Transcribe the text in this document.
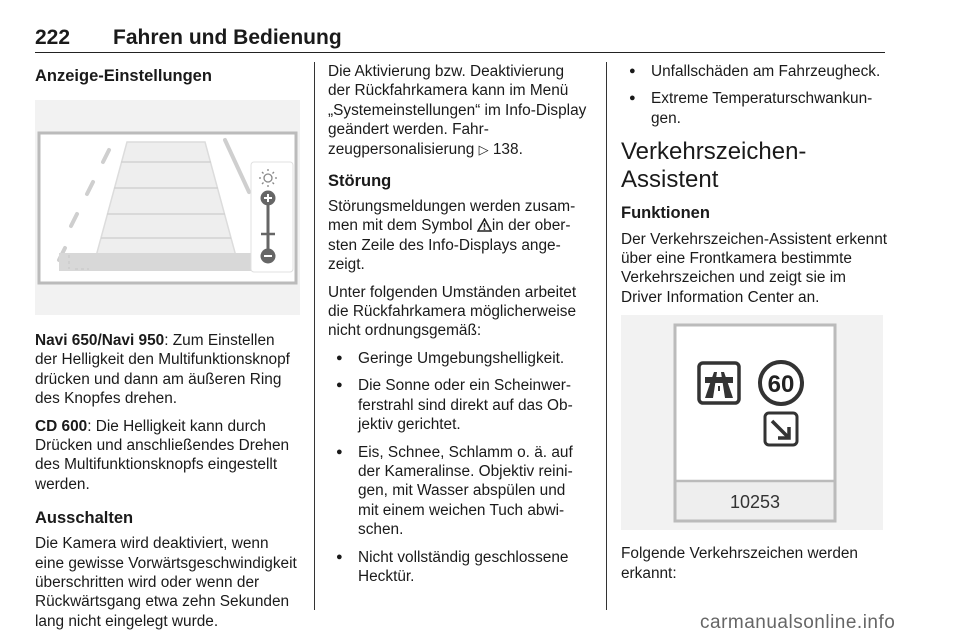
222 Fahren und Bedienung
Anzeige-Einstellungen

Navi 650/Navi 950: Zum Einstellen der Helligkeit den Multifunktionsknopf drücken und dann am äußeren Ring des Knopfes drehen.

CD 600: Die Helligkeit kann durch Drücken und anschließendes Drehen des Multifunktionsknopfs eingestellt werden.

Ausschalten

Die Kamera wird deaktiviert, wenn eine gewisse Vorwärtsgeschwindigkeit überschritten wird oder wenn der Rückwärtsgang etwa zehn Sekunden lang nicht eingelegt wurde.

Die Aktivierung bzw. Deaktivierung der Rückfahrkamera kann im Menü „Systemeinstellungen“ im Info-Display geändert werden. Fahrzeugpersonalisierung ▷ 138.

Störung

Störungsmeldungen werden zusammen mit dem Symbol in der obersten Zeile des Info-Displays angezeigt.

Unter folgenden Umständen arbeitet die Rückfahrkamera möglicherweise nicht ordnungsgemäß:

● Geringe Umgebungshelligkeit.
● Die Sonne oder ein Scheinwerferstrahl sind direkt auf das Objektiv gerichtet.
● Eis, Schnee, Schlamm o. ä. auf der Kameralinse. Objektiv reinigen, mit Wasser abspülen und mit einem weichen Tuch abwischen.
● Nicht vollständig geschlossene Hecktür.
● Unfallschäden am Fahrzeugheck.
● Extreme Temperaturschwankungen.
Verkehrszeichen-Assistent
Funktionen

Der Verkehrszeichen-Assistent erkennt über eine Frontkamera bestimmte Verkehrszeichen und zeigt sie im Driver Information Center an.

60
10253

Folgende Verkehrszeichen werden erkannt:

carmanualsonline.info
